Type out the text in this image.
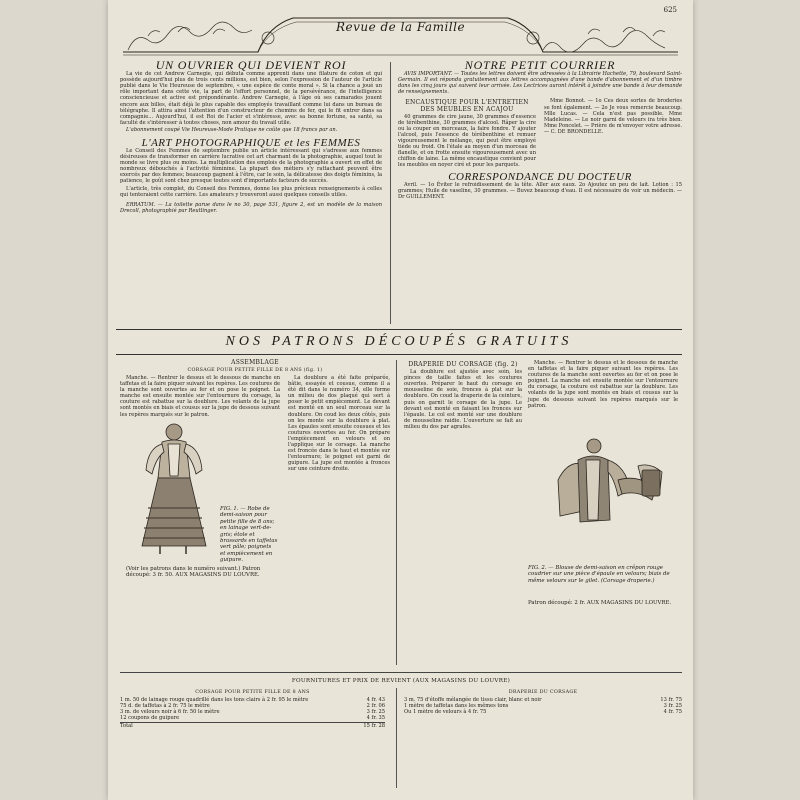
625
Revue de la Famille
UN OUVRIER QUI DEVIENT ROI

La vie de cet Andrew Carnegie, qui débuta comme apprenti dans une filature de coton et qui possède aujourd'hui plus de trois cents millions, est bien, selon l'expression de l'auteur de l'article publié dans le Vie Heureuse de septembre, « une espèce de conte moral ». Si la chance a joué un rôle important dans cette vie, la part de l'effort personnel, de la persévérance, de l'intelligence consciencieuse et active est prépondérante. Andrew Carnegie, à l'âge où ses camarades jouent encore aux billes, était déjà le plus capable des employés travaillant comme lui dans un bureau de télégraphe. Il attira ainsi l'attention d'un constructeur de chemins de fer, qui le fit entrer dans sa compagnie... Aujourd'hui, il est Roi de l'acier et s'intéresse, avec sa bonne fortune, sa santé, sa faculté de s'intéresser à toutes choses, non amour du travail utile.

L'abonnement coupé Vie Heureuse-Mode Pratique ne coûte que 18 francs par an.

L'ART PHOTOGRAPHIQUE et les FEMMES

Le Conseil des Femmes de septembre publie un article intéressant qui s'adresse aux femmes désireuses de transformer en carrière lucrative cet art charmant de la photographie, auquel tout le monde se livre plus ou moins. La multiplication des emplois de la photographie a ouvert en effet de nombreux débouchés à l'activité féminine. La plupart des métiers s'y rattachant peuvent être exercés par des femmes; beaucoup gagnent à l'être, car le soin, la délicatesse des doigts féminins, la patience, le goût sont chez presque toutes sont d'importants facteurs de succès.

L'article, très complet, du Conseil des Femmes, donne les plus précieux renseignements à celles qui tenteraient cette carrière. Les amateurs y trouveront aussi quelques conseils utiles.

ERRATUM. — La toilette parue dans le no 30, page 531, figure 2, est un modèle de la maison Drecoll, photographié par Reutlinger.

NOTRE PETIT COURRIER

AVIS IMPORTANT. — Toutes les lettres doivent être adressées à la Librairie Hachette, 79, boulevard Saint-Germain. Il est répondu gratuitement aux lettres accompagnées d'une bande d'abonnement et d'un timbre dans les cinq jours qui suivent leur arrivée. Les Lectrices auront intérêt à joindre une bande à leur demande de renseignements.

ENCAUSTIQUE POUR L'ENTRETIEN DES MEUBLES EN ACAJOU

40 grammes de cire jaune, 30 grammes d'essence de térébenthine, 30 grammes d'alcool. Râper la cire ou la couper en morceaux, la faire fondre. Y ajouter l'alcool, puis l'essence de térébenthine et remuer vigoureusement le mélange, qui peut être employé tiède ou froid. On l'étale au moyen d'un morceau de flanelle, et on frotte ensuite vigoureusement avec un chiffon de laine. La même encaustique convient pour les meubles en noyer ciré et pour les parquets.

Mme Bonnot. — 1o Ces deux sortes de broderies se font également. — 2o Je vous remercie beaucoup. Mlle Lucas. — Cela n'est pas possible. Mme Madeleine. — Le noir garni de velours ira très bien. Mme Poncelet. — Prière de m'envoyer votre adresse. — C. DE BRONDELLE.

CORRESPONDANCE DU DOCTEUR

Avril. — 1o Éviter le refroidissement de la tête. Aller aux eaux. 2o Ajoutez un peu de lait. Lotion : 15 grammes; Huile de vaseline, 30 grammes. — Buvez beaucoup d'eau. Il est nécessaire de voir un médecin. — Dr GUILLEMENT.

NOS PATRONS DÉCOUPÉS GRATUITS
ASSEMBLAGE
CORSAGE POUR PETITE FILLE DE 8 ANS (fig. 1)
FIG. 1. — Robe de demi-saison pour petite fille de 8 ans; en lainage vert-de-gris; étole et brassards en taffetas vert pâle; poignets et empiècement en guipure.
(Voir les patrons dans le numéro suivant.) Patron découpé: 3 fr. 50. AUX MAGASINS DU LOUVRE.

La doublure a été faite préparée, bâtie, essayée et cousue, comme il a été dit dans le numéro 34, elle forme un milieu de dos plaqué qui sert à poser le petit empiècement. Le devant est monté en un seul morceau sur la doublure. On coud les deux côtés, puis on les monte sur la doublure à plat. Les épaules sont ensuite cousues et les coutures ouvertes au fer. On prépare l'empiècement en velours et on l'applique sur le corsage. La manche est froncée dans le haut et montée sur l'entournure; le poignet est garni de guipure. La jupe est montée à fronces sur une ceinture droite.

Manche. — Rentrer le dessus et le dessous de manche en taffetas et la faire piquer suivant les repères. Les coutures de la manche sont ouvertes au fer et on pose le poignet. La manche est ensuite montée sur l'entournure du corsage, la couture est rabattue sur la doublure. Les volants de la jupe sont montés en biais et cousus sur la jupe de dessous suivant les repères marqués sur le patron.

DRAPERIE DU CORSAGE (fig. 2)

La doublure est ajustée avec soin, les pinces de taille faites et les coutures ouvertes. Préparer le haut du corsage en mousseline de soie, fronces à plat sur la doublure. On coud la draperie de la ceinture, puis on garnit le corsage de la jupe. Le devant est monté en faisant les fronces sur l'épaule. Le col est monté sur une doublure de mousseline raidie. L'ouverture se fait au milieu du dos par agrafes.

Manche. — Rentrer le dessus et le dessous de manche en taffetas et la faire piquer suivant les repères. Les coutures de la manche sont ouvertes au fer et on pose le poignet. La manche est ensuite montée sur l'entournure du corsage, la couture est rabattue sur la doublure. Les volants de la jupe sont montés en biais et cousus sur la jupe de dessous suivant les repères marqués sur le patron.

FIG. 2. — Blouse de demi-saison en crêpon rouge coudrier sur une pièce d'épaule en velours; biais de même velours sur le gilet. (Corsage draperie.)
Patron découpé: 2 fr. AUX MAGASINS DU LOUVRE.
FOURNITURES ET PRIX DE REVIENT (AUX MAGASINS DU LOUVRE)
CORSAGE POUR PETITE FILLE DE 8 ANS
1 m. 50 de lainage rouge quadrillé dans les tons clairs à 2 fr. 95 le mètre	4 fr. 43
75 d. de taffetas à 2 fr. 75 le mètre	2 fr. 06
3 m. de velours noir à 6 fr. 50 le mètre	3 fr. 25
12 coupons de guipure	4 fr. 35
Total	15 fr. 28
DRAPERIE DU CORSAGE
3 m. 75 d'étoffe mélangée de tissu clair, blanc et noir	13 fr. 75
1 mètre de taffetas dans les mêmes tons	3 fr. 25
Ou 1 mètre de velours à 4 fr. 75	4 fr. 75
